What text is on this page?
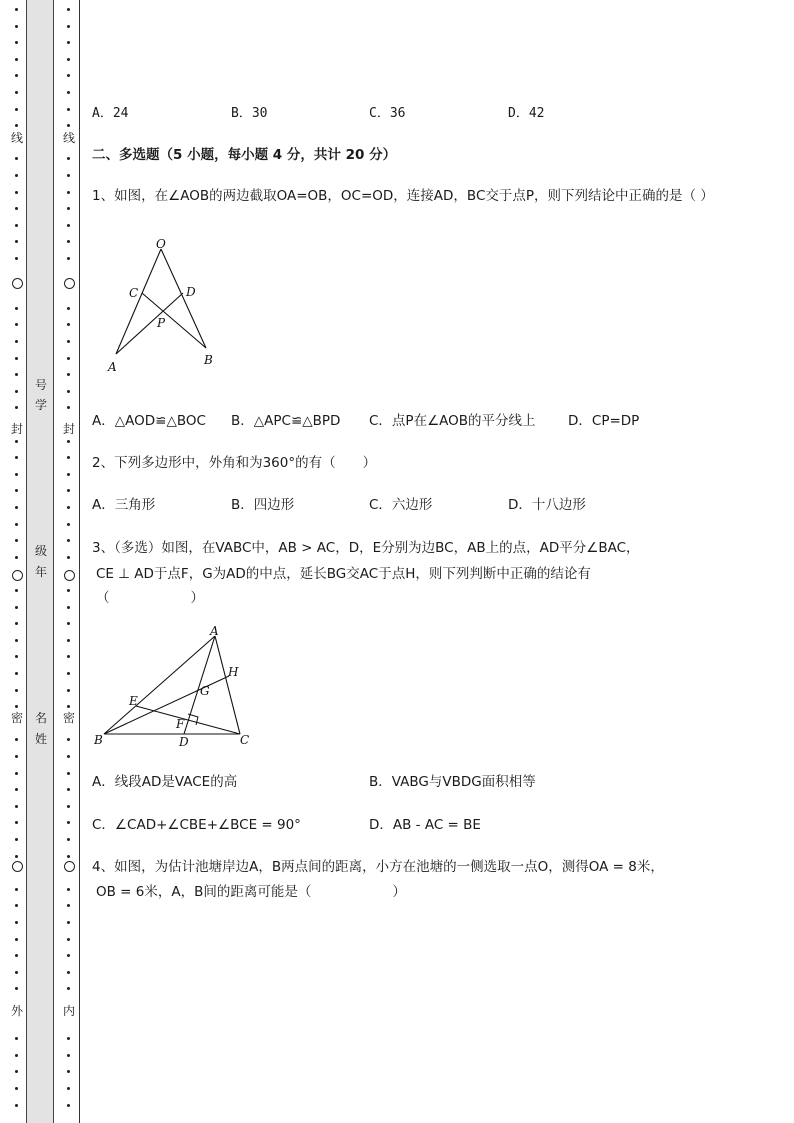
线
封
密
外
号
学
级
年
名
姓
线
封
密
内
A．24	B．30	C．36	D．42
二、多选题（5 小题，每小题 4 分，共计 20 分）
1、如图，在∠AOB的两边截取OA=OB，OC=OD，连接AD，BC交于点P，则下列结论中正确的是（ ）
O
C	D
P
A	B
A．△AOD≌△BOC B．△APC≌△BPD C．点P在∠AOB的平分线上 D．CP=DP
2、下列多边形中，外角和为360°的有（　　）
A．三角形	B．四边形	C．六边形	D．十八边形
3、（多选）如图，在VABC中，AB > AC，D，E分别为边BC，AB上的点，AD平分∠BAC，
CE ⊥ AD于点F，G为AD的中点，延长BG交AC于点H，则下列判断中正确的结论有
（　　　　　　）
A
H
G
E
F
B	D	C
A．线段AD是VACE的高	B．VABG与VBDG面积相等
C．∠CAD+∠CBE+∠BCE = 90°	D．AB - AC = BE
4、如图，为估计池塘岸边A，B两点间的距离，小方在池塘的一侧选取一点O，测得OA = 8米，
OB = 6米，A，B间的距离可能是（　　　　　　）
